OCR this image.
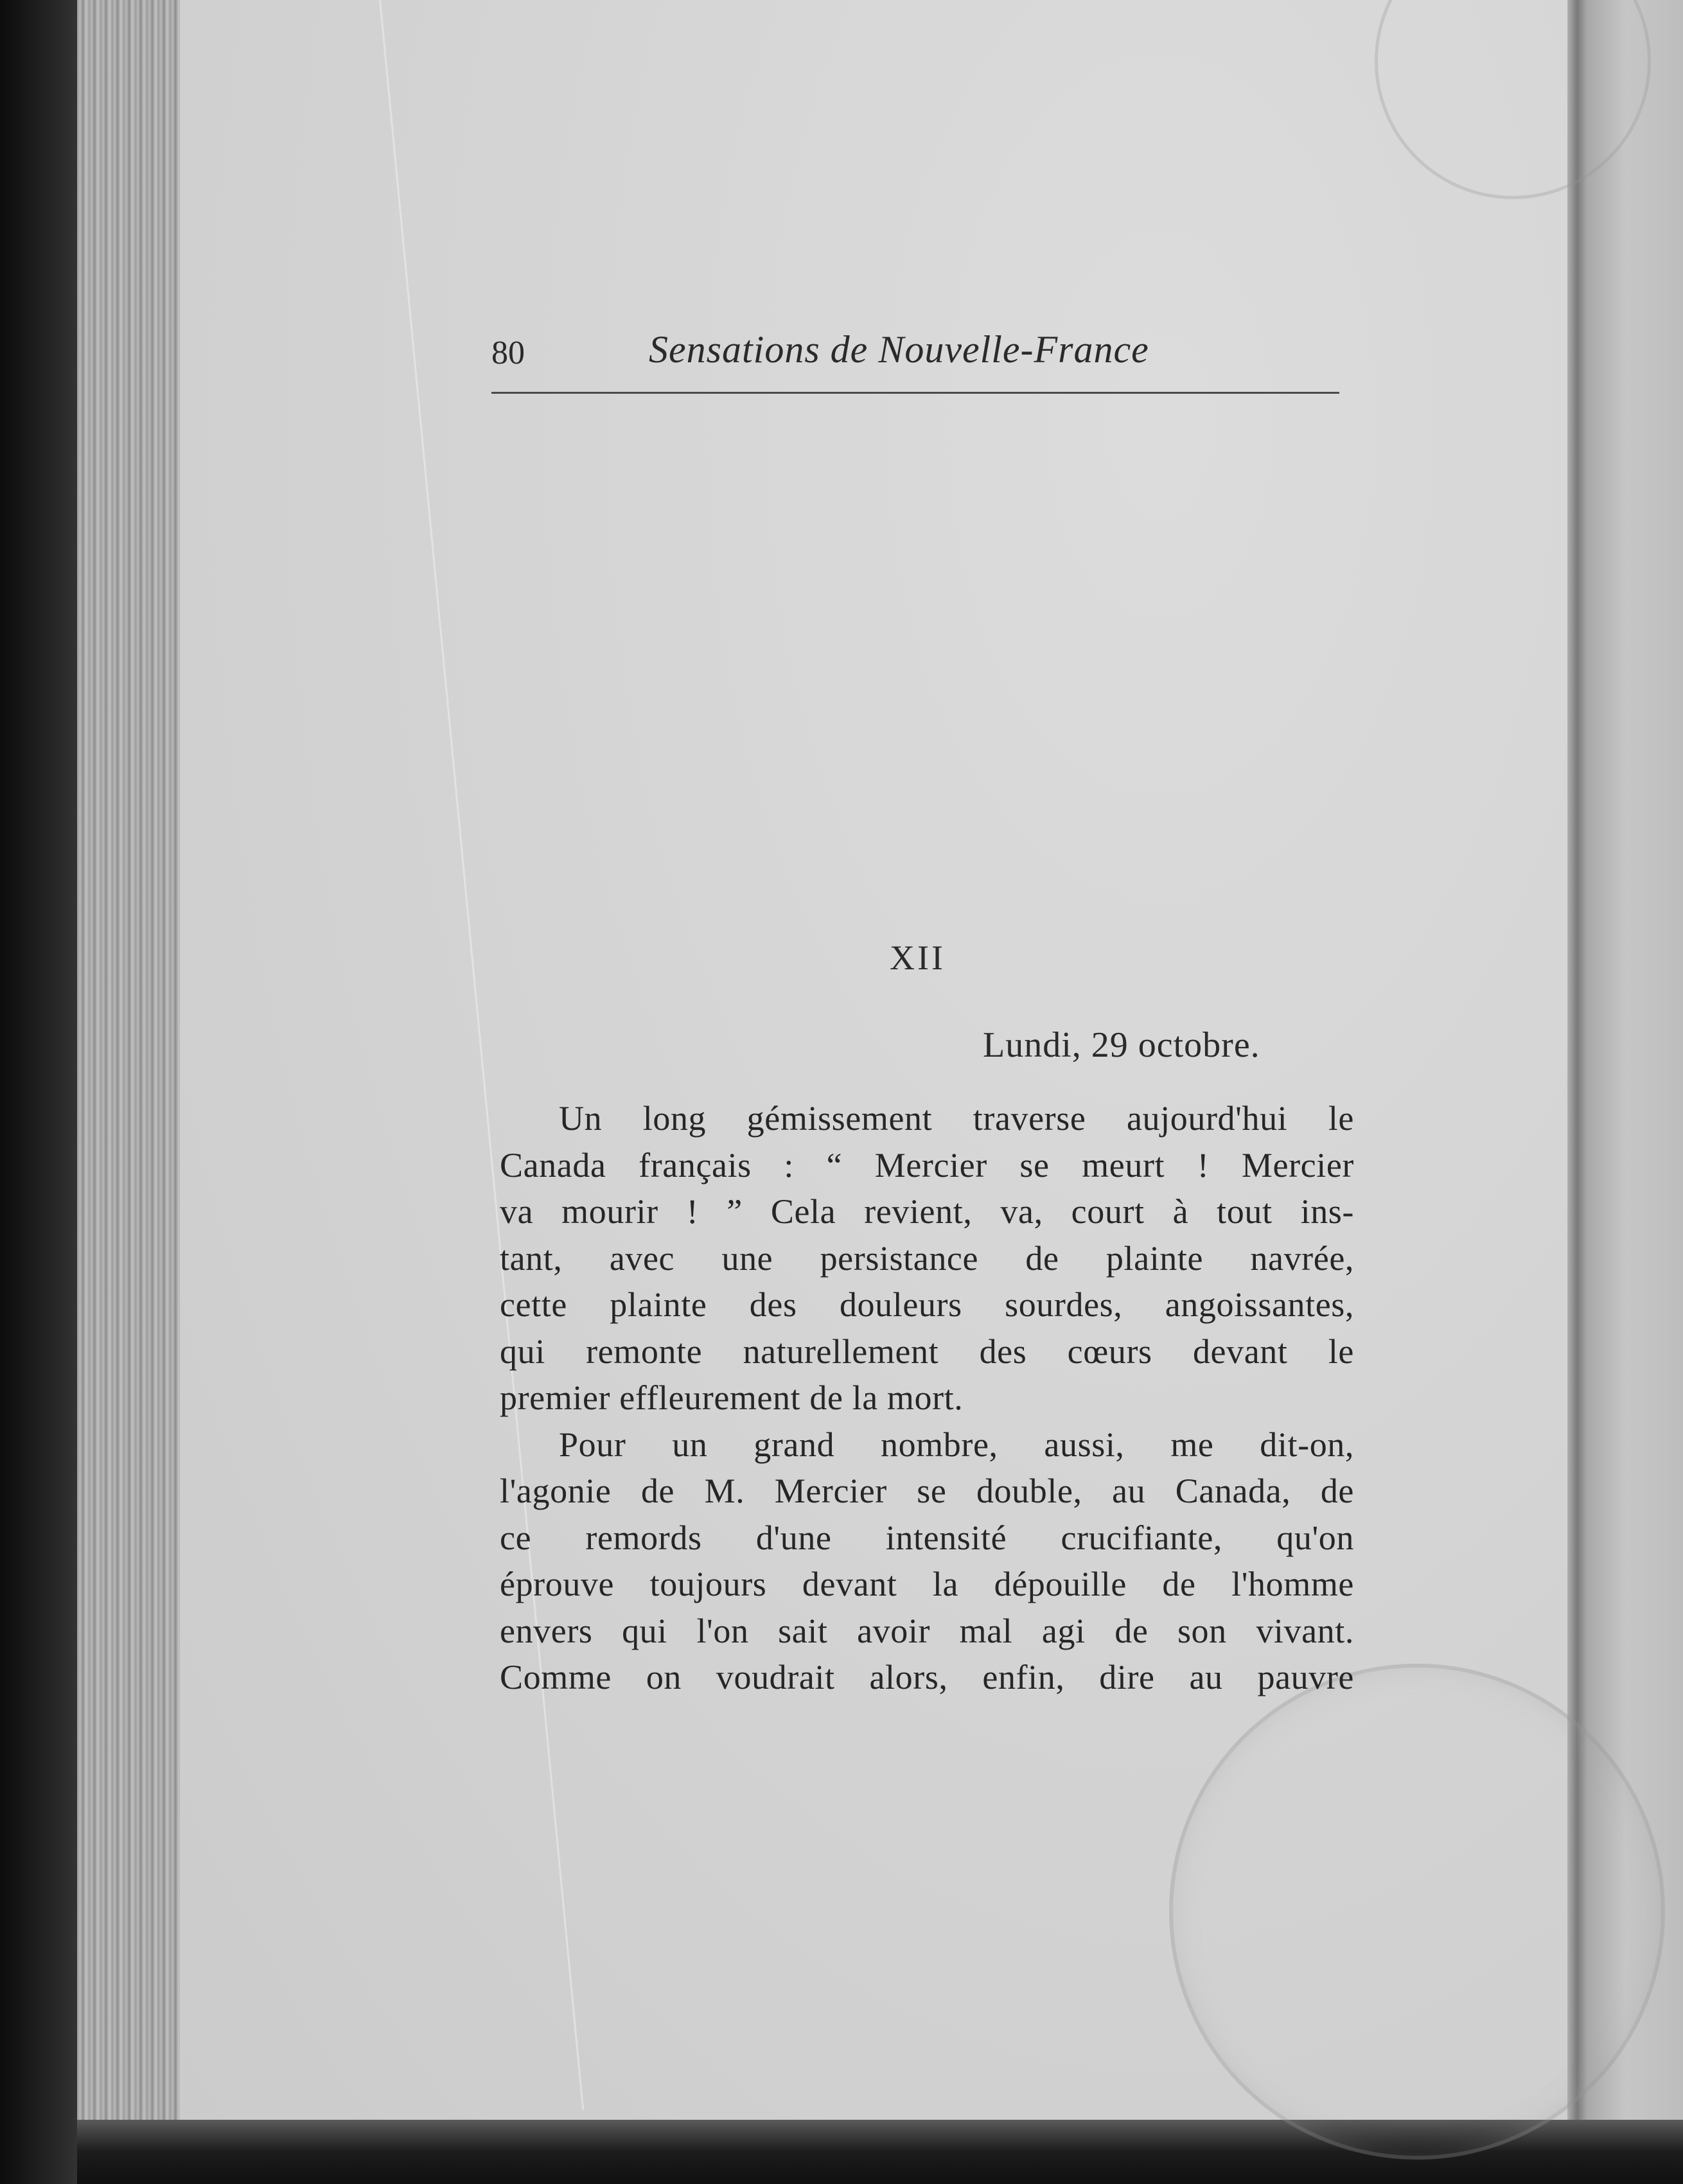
80	Sensations de Nouvelle-France
XII
Lundi, 29 octobre.
Un long gémissement traverse aujourd'hui le
Canada français : “ Mercier se meurt ! Mercier
va mourir ! ” Cela revient, va, court à tout ins-
tant, avec une persistance de plainte navrée,
cette plainte des douleurs sourdes, angoissantes,
qui remonte naturellement des cœurs devant le
premier effleurement de la mort.
Pour un grand nombre, aussi, me dit-on,
l'agonie de M. Mercier se double, au Canada, de
ce remords d'une intensité crucifiante, qu'on
éprouve toujours devant la dépouille de l'homme
envers qui l'on sait avoir mal agi de son vivant.
Comme on voudrait alors, enfin, dire au pauvre
